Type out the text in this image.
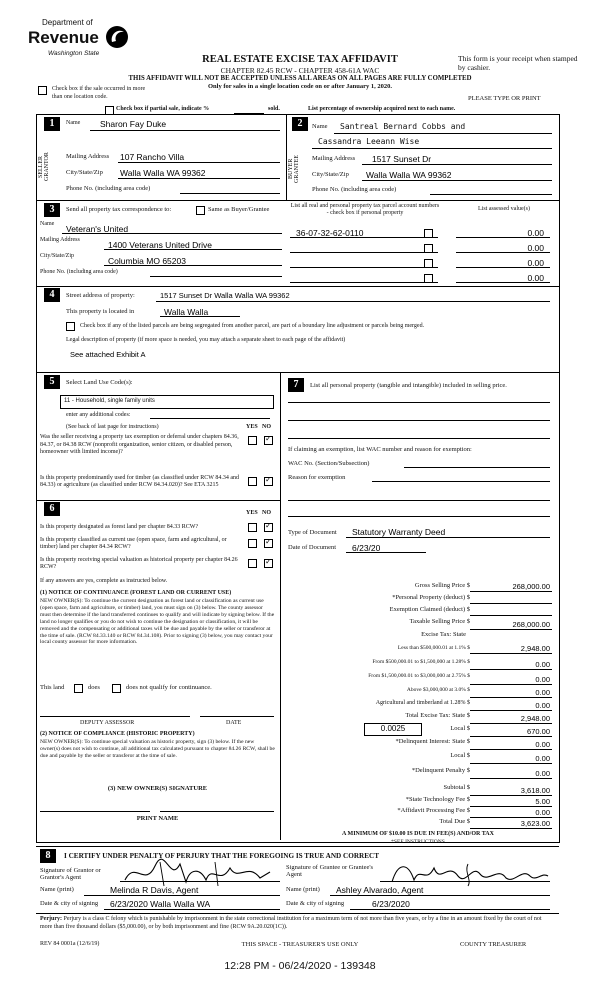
Department of
Revenue
Washington State
REAL ESTATE EXCISE TAX AFFIDAVIT
CHAPTER 82.45 RCW - CHAPTER 458-61A WAC
THIS AFFIDAVIT WILL NOT BE ACCEPTED UNLESS ALL AREAS ON ALL PAGES ARE FULLY COMPLETED
Only for sales in a single location code on or after January 1, 2020.
This form is your receipt when stamped by cashier.
PLEASE TYPE OR PRINT
Check box if the sale occurred in more than one location code.
Check box if partial sale, indicate %	sold.	List percentage of ownership acquired next to each name.
1
SELLER GRANTOR
Name Sharon Fay Duke
Mailing Address 107 Rancho Villa
City/State/Zip Walla Walla WA 99362
Phone No. (including area code)
2
BUYER GRANTEE
Name Santreal Bernard Cobbs and
Cassandra Leeann Wise
Mailing Address 1517 Sunset Dr
City/State/Zip Walla Walla WA 99362
Phone No. (including area code)
3	Send all property tax correspondence to:	Same as Buyer/Grantee
Name Veteran's United
Mailing Address	1400 Veterans United Drive
City/State/Zip	Columbia MO 65203
Phone No. (including area code)
List all real and personal property tax parcel account numbers - check box if personal property
List assessed value(s)
36-07-32-62-0110	0.00
0.00
0.00
0.00
4	Street address of property:	1517 Sunset Dr Walla Walla WA 99362
This property is located in	Walla Walla
Check box if any of the listed parcels are being segregated from another parcel, are part of a boundary line adjustment or parcels being merged.
Legal description of property (if more space is needed, you may attach a separate sheet to each page of the affidavit)
See attached Exhibit A
5	Select Land Use Code(s):
11 - Household, single family units
enter any additional codes:
(See back of last page for instructions)	YES NO
Was the seller receiving a property tax exemption or deferral under chapters 84.36, 84.37, or 84.38 RCW (nonprofit organization, senior citizen, or disabled person, homeowner with limited income)?
✓
Is this property predominantly used for timber (as classified under RCW 84.34 and 84.33) or agriculture (as classified under RCW 84.34.020)? See ETA 3215
✓
6	YES NO
Is this property designated as forest land per chapter 84.33 RCW?
✓
Is this property classified as current use (open space, farm and agricultural, or timber) land per chapter 84.34 RCW?
✓
Is this property receiving special valuation as historical property per chapter 84.26 RCW?
✓
If any answers are yes, complete as instructed below.
(1) NOTICE OF CONTINUANCE (FOREST LAND OR CURRENT USE)
NEW OWNER(S): To continue the current designation as forest land or classification as current use (open space, farm and agriculture, or timber) land, you must sign on (3) below. The county assessor must then determine if the land transferred continues to qualify and will indicate by signing below. If the land no longer qualifies or you do not wish to continue the designation or classification, it will be removed and the compensating or additional taxes will be due and payable by the seller or transferor at the time of sale. (RCW 84.33.140 or RCW 84.34.108). Prior to signing (3) below, you may contact your local county assessor for more information.
This land	does	does not qualify for continuance.
DEPUTY ASSESSOR	DATE
(2) NOTICE OF COMPLIANCE (HISTORIC PROPERTY)
NEW OWNER(S): To continue special valuation as historic property, sign (3) below. If the new owner(s) does not wish to continue, all additional tax calculated pursuant to chapter 84.26 RCW, shall be due and payable by the seller or transferor at the time of sale.
(3) NEW OWNER(S) SIGNATURE
PRINT NAME
7	List all personal property (tangible and intangible) included in selling price.
If claiming an exemption, list WAC number and reason for exemption:
WAC No. (Section/Subsection)
Reason for exemption
Type of Document Statutory Warranty Deed
Date of Document 6/23/20
Gross Selling Price $	268,000.00
*Personal Property (deduct) $
Exemption Claimed (deduct) $
Taxable Selling Price $	268,000.00
Excise Tax: State
Less than $500,000.01 at 1.1% $	2,948.00
From $500,000.01 to $1,500,000 at 1.28% $	0.00
From $1,500,000.01 to $3,000,000 at 2.75% $	0.00
Above $3,000,000 at 3.0% $	0.00
Agricultural and timberland at 1.28% $	0.00
Total Excise Tax: State $	2,948.00
0.0025	Local $	670.00
*Delinquent Interest: State $	0.00
Local $	0.00
*Delinquent Penalty $	0.00
Subtotal $	3,618.00
*State Technology Fee $	5.00
*Affidavit Processing Fee $	0.00
Total Due $	3,623.00
A MINIMUM OF $10.00 IS DUE IN FEE(S) AND/OR TAX
*SEE INSTRUCTIONS
8	I CERTIFY UNDER PENALTY OF PERJURY THAT THE FOREGOING IS TRUE AND CORRECT
Signature of Grantor or Grantor's Agent
Signature of Grantee or Grantee's Agent
Name (print)	Melinda R Davis, Agent	Name (print) Ashley Alvarado, Agent
Date & city of signing 6/23/2020 Walla Walla WA	Date & city of signing	6/23/2020
Perjury: Perjury is a class C felony which is punishable by imprisonment in the state correctional institution for a maximum term of not more than five years, or by a fine in an amount fixed by the court of not more than five thousand dollars ($5,000.00), or by both imprisonment and fine (RCW 9A.20.020(1C)).
REV 84 0001a (12/6/19)	THIS SPACE - TREASURER'S USE ONLY	COUNTY TREASURER
12:28 PM - 06/24/2020 - 139348
